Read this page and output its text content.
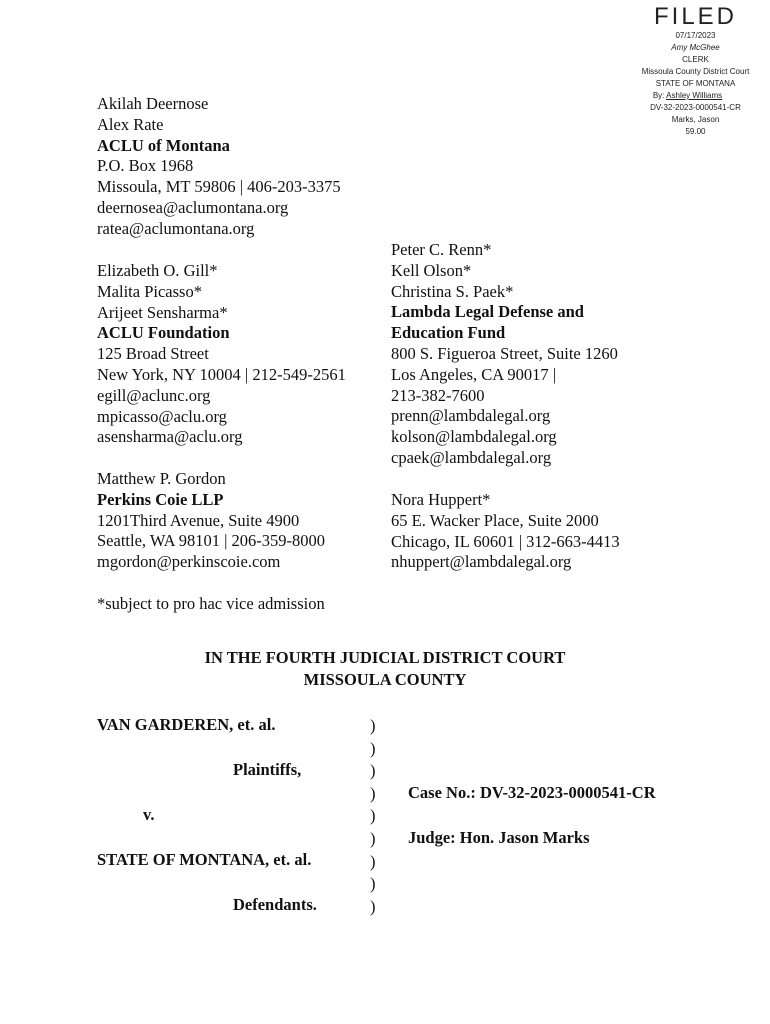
FILED
07/17/2023
Amy McGhee
CLERK
Missoula County District Court
STATE OF MONTANA
By: Ashley Williams
DV-32-2023-0000541-CR
Marks, Jason
59.00
Akilah Deernose
Alex Rate
ACLU of Montana
P.O. Box 1968
Missoula, MT 59806 | 406-203-3375
deernosea@aclumontana.org
ratea@aclumontana.org
Elizabeth O. Gill*
Malita Picasso*
Arijeet Sensharma*
ACLU Foundation
125 Broad Street
New York, NY 10004 | 212-549-2561
egill@aclunc.org
mpicasso@aclu.org
asensharma@aclu.org
Matthew P. Gordon
Perkins Coie LLP
1201Third Avenue, Suite 4900
Seattle, WA 98101 | 206-359-8000
mgordon@perkinscoie.com
Peter C. Renn*
Kell Olson*
Christina S. Paek*
Lambda Legal Defense and
Education Fund
800 S. Figueroa Street, Suite 1260
Los Angeles, CA 90017 |
213-382-7600
prenn@lambdalegal.org
kolson@lambdalegal.org
cpaek@lambdalegal.org
Nora Huppert*
65 E. Wacker Place, Suite 2000
Chicago, IL 60601 | 312-663-4413
nhuppert@lambdalegal.org
*subject to pro hac vice admission
IN THE FOURTH JUDICIAL DISTRICT COURT
MISSOULA COUNTY
VAN GARDEREN, et. al.
Plaintiffs,
v.
STATE OF MONTANA, et. al.
Defendants.
)
)
)
)
)
)
)
)
)
Case No.: DV-32-2023-0000541-CR
Judge: Hon. Jason Marks
